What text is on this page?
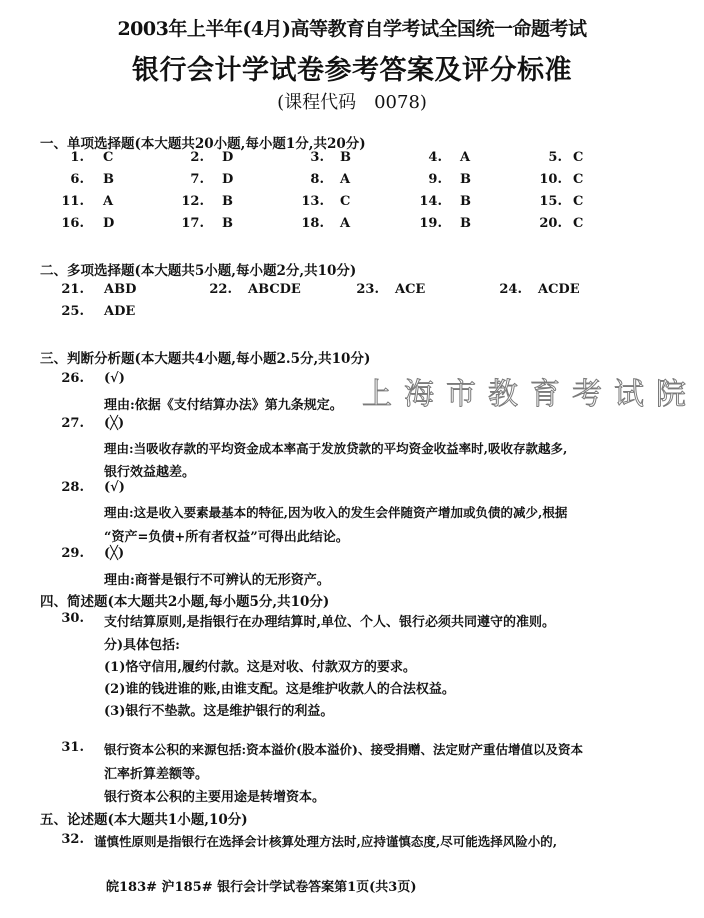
2003年上半年(4月)高等教育自学考试全国统一命题考试
银行会计学试卷参考答案及评分标准
(课程代码　0078)
一、单项选择题(本大题共20小题,每小题1分,共20分)
1. C	2. D	3. B	4. A	5. C
6. B	7. D	8. A	9. B	10. C
11. A	12. B	13. C	14. B	15. C
16. D	17. B	18. A	19. B	20. C
二、多项选择题(本大题共5小题,每小题2分,共10分)
21. ABD	22. ABCDE	23. ACE	24. ACDE
25. ADE
三、判断分析题(本大题共4小题,每小题2.5分,共10分)
26. (√)
理由:依据《支付结算办法》第九条规定。 上海市教育考试院
27. (╳)
理由:当吸收存款的平均资金成本率高于发放贷款的平均资金收益率时,吸收存款越多,
银行效益越差。
28. (√)
理由:这是收入要素最基本的特征,因为收入的发生会伴随资产增加或负债的减少,根据
“资产=负债+所有者权益”可得出此结论。
29. (╳)
理由:商誉是银行不可辨认的无形资产。
四、简述题(本大题共2小题,每小题5分,共10分)
30. 支付结算原则,是指银行在办理结算时,单位、个人、银行必须共同遵守的准则。
分)具体包括:
(1)恪守信用,履约付款。这是对收、付款双方的要求。
(2)谁的钱进谁的账,由谁支配。这是维护收款人的合法权益。
(3)银行不垫款。这是维护银行的利益。
31. 银行资本公积的来源包括:资本溢价(股本溢价)、接受捐赠、法定财产重估增值以及资本
汇率折算差额等。
银行资本公积的主要用途是转增资本。
五、论述题(本大题共1小题,10分)
32. 谨慎性原则是指银行在选择会计核算处理方法时,应持谨慎态度,尽可能选择风险小的,
皖183# 沪185# 银行会计学试卷答案第1页(共3页)
